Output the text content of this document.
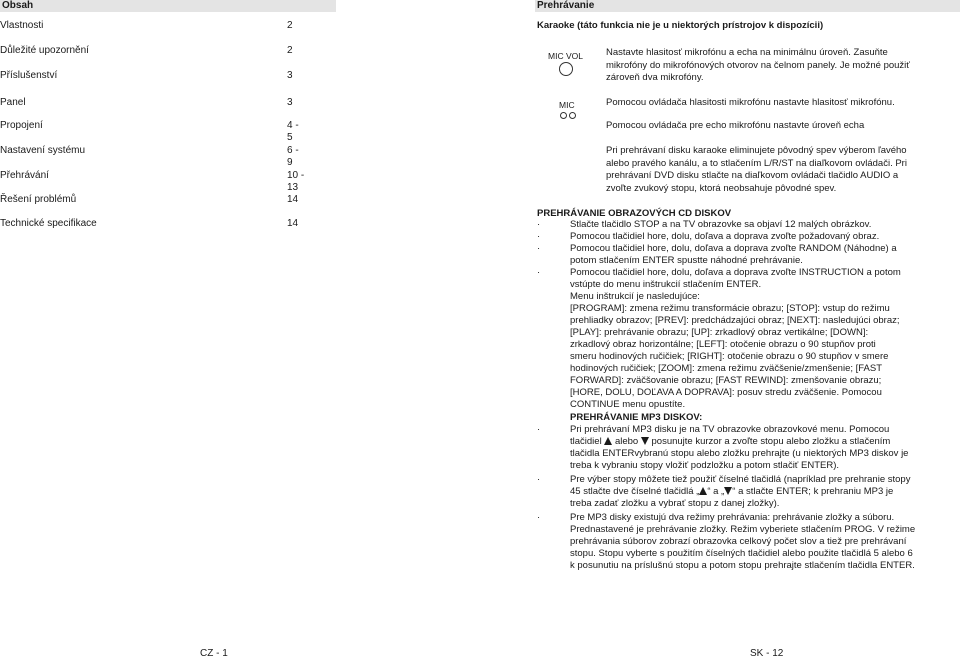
Obsah
Vlastnosti	2
Důležité upozornění	2
Příslušenství	3
Panel	3
Propojení	4 - 5
Nastavení systému	6 - 9
Přehrávání	10 - 13
Řešení problémů	14
Technické specifikace	14
CZ - 1
Prehrávanie
Karaoke (táto funkcia nie je u niektorých prístrojov k dispozícii)
MIC VOL Nastavte hlasitosť mikrofónu a echa na minimálnu úroveň. Zasuňte
mikrofóny do mikrofónových otvorov na čelnom panely. Je možné použiť
zároveň dva mikrofóny.
MIC	Pomocou ovládača hlasitosti mikrofónu nastavte hlasitosť mikrofónu.
Pomocou ovládača pre echo mikrofónu nastavte úroveň echa
Pri prehrávaní disku karaoke eliminujete pôvodný spev výberom ľavého
alebo pravého kanálu, a to stlačením L/R/ST na diaľkovom ovládači. Pri
prehrávaní DVD disku stlačte na diaľkovom ovládači tlačidlo AUDIO a
zvoľte zvukový stopu, ktorá neobsahuje pôvodné spev.
PREHRÁVANIE OBRAZOVÝCH CD DISKOV
·	Stlačte tlačidlo STOP a na TV obrazovke sa objaví 12 malých obrázkov.
·	Pomocou tlačidiel hore, dolu, doľava a doprava zvoľte požadovaný obraz.
·	Pomocou tlačidiel hore, dolu, doľava a doprava zvoľte RANDOM (Náhodne) a
potom stlačením ENTER spustte náhodné prehrávanie.
·	Pomocou tlačidiel hore, dolu, doľava a doprava zvoľte INSTRUCTION a potom
vstúpte do menu inštrukcií stlačením ENTER.
Menu inštrukcií je nasledujúce:
[PROGRAM]: zmena režimu transformácie obrazu; [STOP]: vstup do režimu
prehliadky obrazov; [PREV]: predchádzajúci obraz; [NEXT]: nasledujúci obraz;
[PLAY]: prehrávanie obrazu; [UP]: zrkadlový obraz vertikálne; [DOWN]:
zrkadlový obraz horizontálne; [LEFT]: otočenie obrazu o 90 stupňov proti
smeru hodinových ručičiek; [RIGHT]: otočenie obrazu o 90 stupňov v smere
hodinových ručičiek; [ZOOM]: zmena režimu zväčšenie/zmenšenie; [FAST
FORWARD]: zväčšovanie obrazu; [FAST REWIND]: zmenšovanie obrazu;
[HORE, DOLU, DOĽAVA A DOPRAVA]: posuv stredu zväčšenie. Pomocou
CONTINUE menu opustíte.
PREHRÁVANIE MP3 DISKOV:
·	Pri prehrávaní MP3 disku je na TV obrazovke obrazovkové menu. Pomocou
tlačidiel alebo posunujte kurzor a zvoľte stopu alebo zložku a stlačením
tlačidla ENTERvybranú stopu alebo zložku prehrajte (u niektorých MP3 diskov je
treba k vybraniu stopy vložiť podzložku a potom stlačiť ENTER).
·	Pre výber stopy môžete tiež použiť číselné tlačidlá (napríklad pre prehranie stopy
45 stlačte dve číselné tlačidlá „ “ a „ “ a stlačte ENTER; k prehraniu MP3 je
treba zadať zložku a vybrať stopu z danej zložky).
·	Pre MP3 disky existujú dva režimy prehrávania: prehrávanie zložky a súboru.
Prednastavené je prehrávanie zložky. Režim vyberiete stlačením PROG. V režime
prehrávania súborov zobrazí obrazovka celkový počet slov a tiež pre prehrávaní
stopu. Stopu vyberte s použitím číselných tlačidiel alebo použite tlačidlá 5 alebo 6
k posunutiu na príslušnú stopu a potom stopu prehrajte stlačením tlačidla ENTER.
SK - 12
